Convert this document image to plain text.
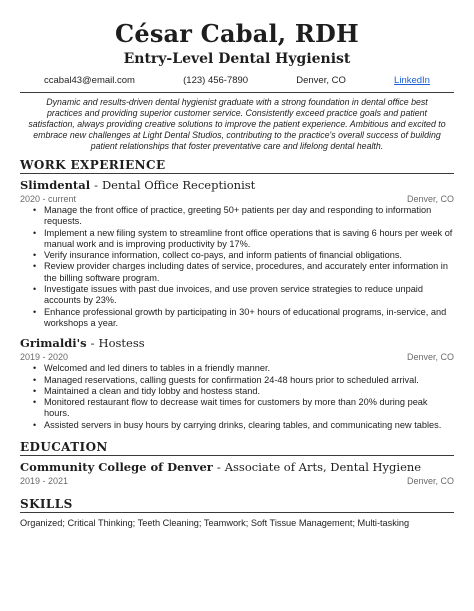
César Cabal, RDH
Entry-Level Dental Hygienist
ccabal43@email.com	(123) 456-7890	Denver, CO	LinkedIn
Dynamic and results-driven dental hygienist graduate with a strong foundation in dental office best practices and providing superior customer service. Consistently exceed practice goals and patient satisfaction, always providing creative solutions to improve the patient experience. Ambitious and excited to embrace new challenges at Light Dental Studios, contributing to the practice's overall success of building patient relationships that foster preventative care and lifelong dental health.
WORK EXPERIENCE
Slimdental - Dental Office Receptionist
2020 - current	Denver, CO
• Manage the front office of practice, greeting 50+ patients per day and responding to information requests.
• Implement a new filing system to streamline front office operations that is saving 6 hours per week of manual work and is improving productivity by 17%.
• Verify insurance information, collect co-pays, and inform patients of financial obligations.
• Review provider charges including dates of service, procedures, and accurately enter information in the billing software program.
• Investigate issues with past due invoices, and use proven service strategies to reduce unpaid accounts by 23%.
• Enhance professional growth by participating in 30+ hours of educational programs, in-service, and workshops a year.
Grimaldi's - Hostess
2019 - 2020	Denver, CO
• Welcomed and led diners to tables in a friendly manner.
• Managed reservations, calling guests for confirmation 24-48 hours prior to scheduled arrival.
• Maintained a clean and tidy lobby and hostess stand.
• Monitored restaurant flow to decrease wait times for customers by more than 20% during peak hours.
• Assisted servers in busy hours by carrying drinks, clearing tables, and communicating new tables.
EDUCATION
Community College of Denver - Associate of Arts, Dental Hygiene
2019 - 2021	Denver, CO
SKILLS
Organized; Critical Thinking; Teeth Cleaning; Teamwork; Soft Tissue Management; Multi-tasking
